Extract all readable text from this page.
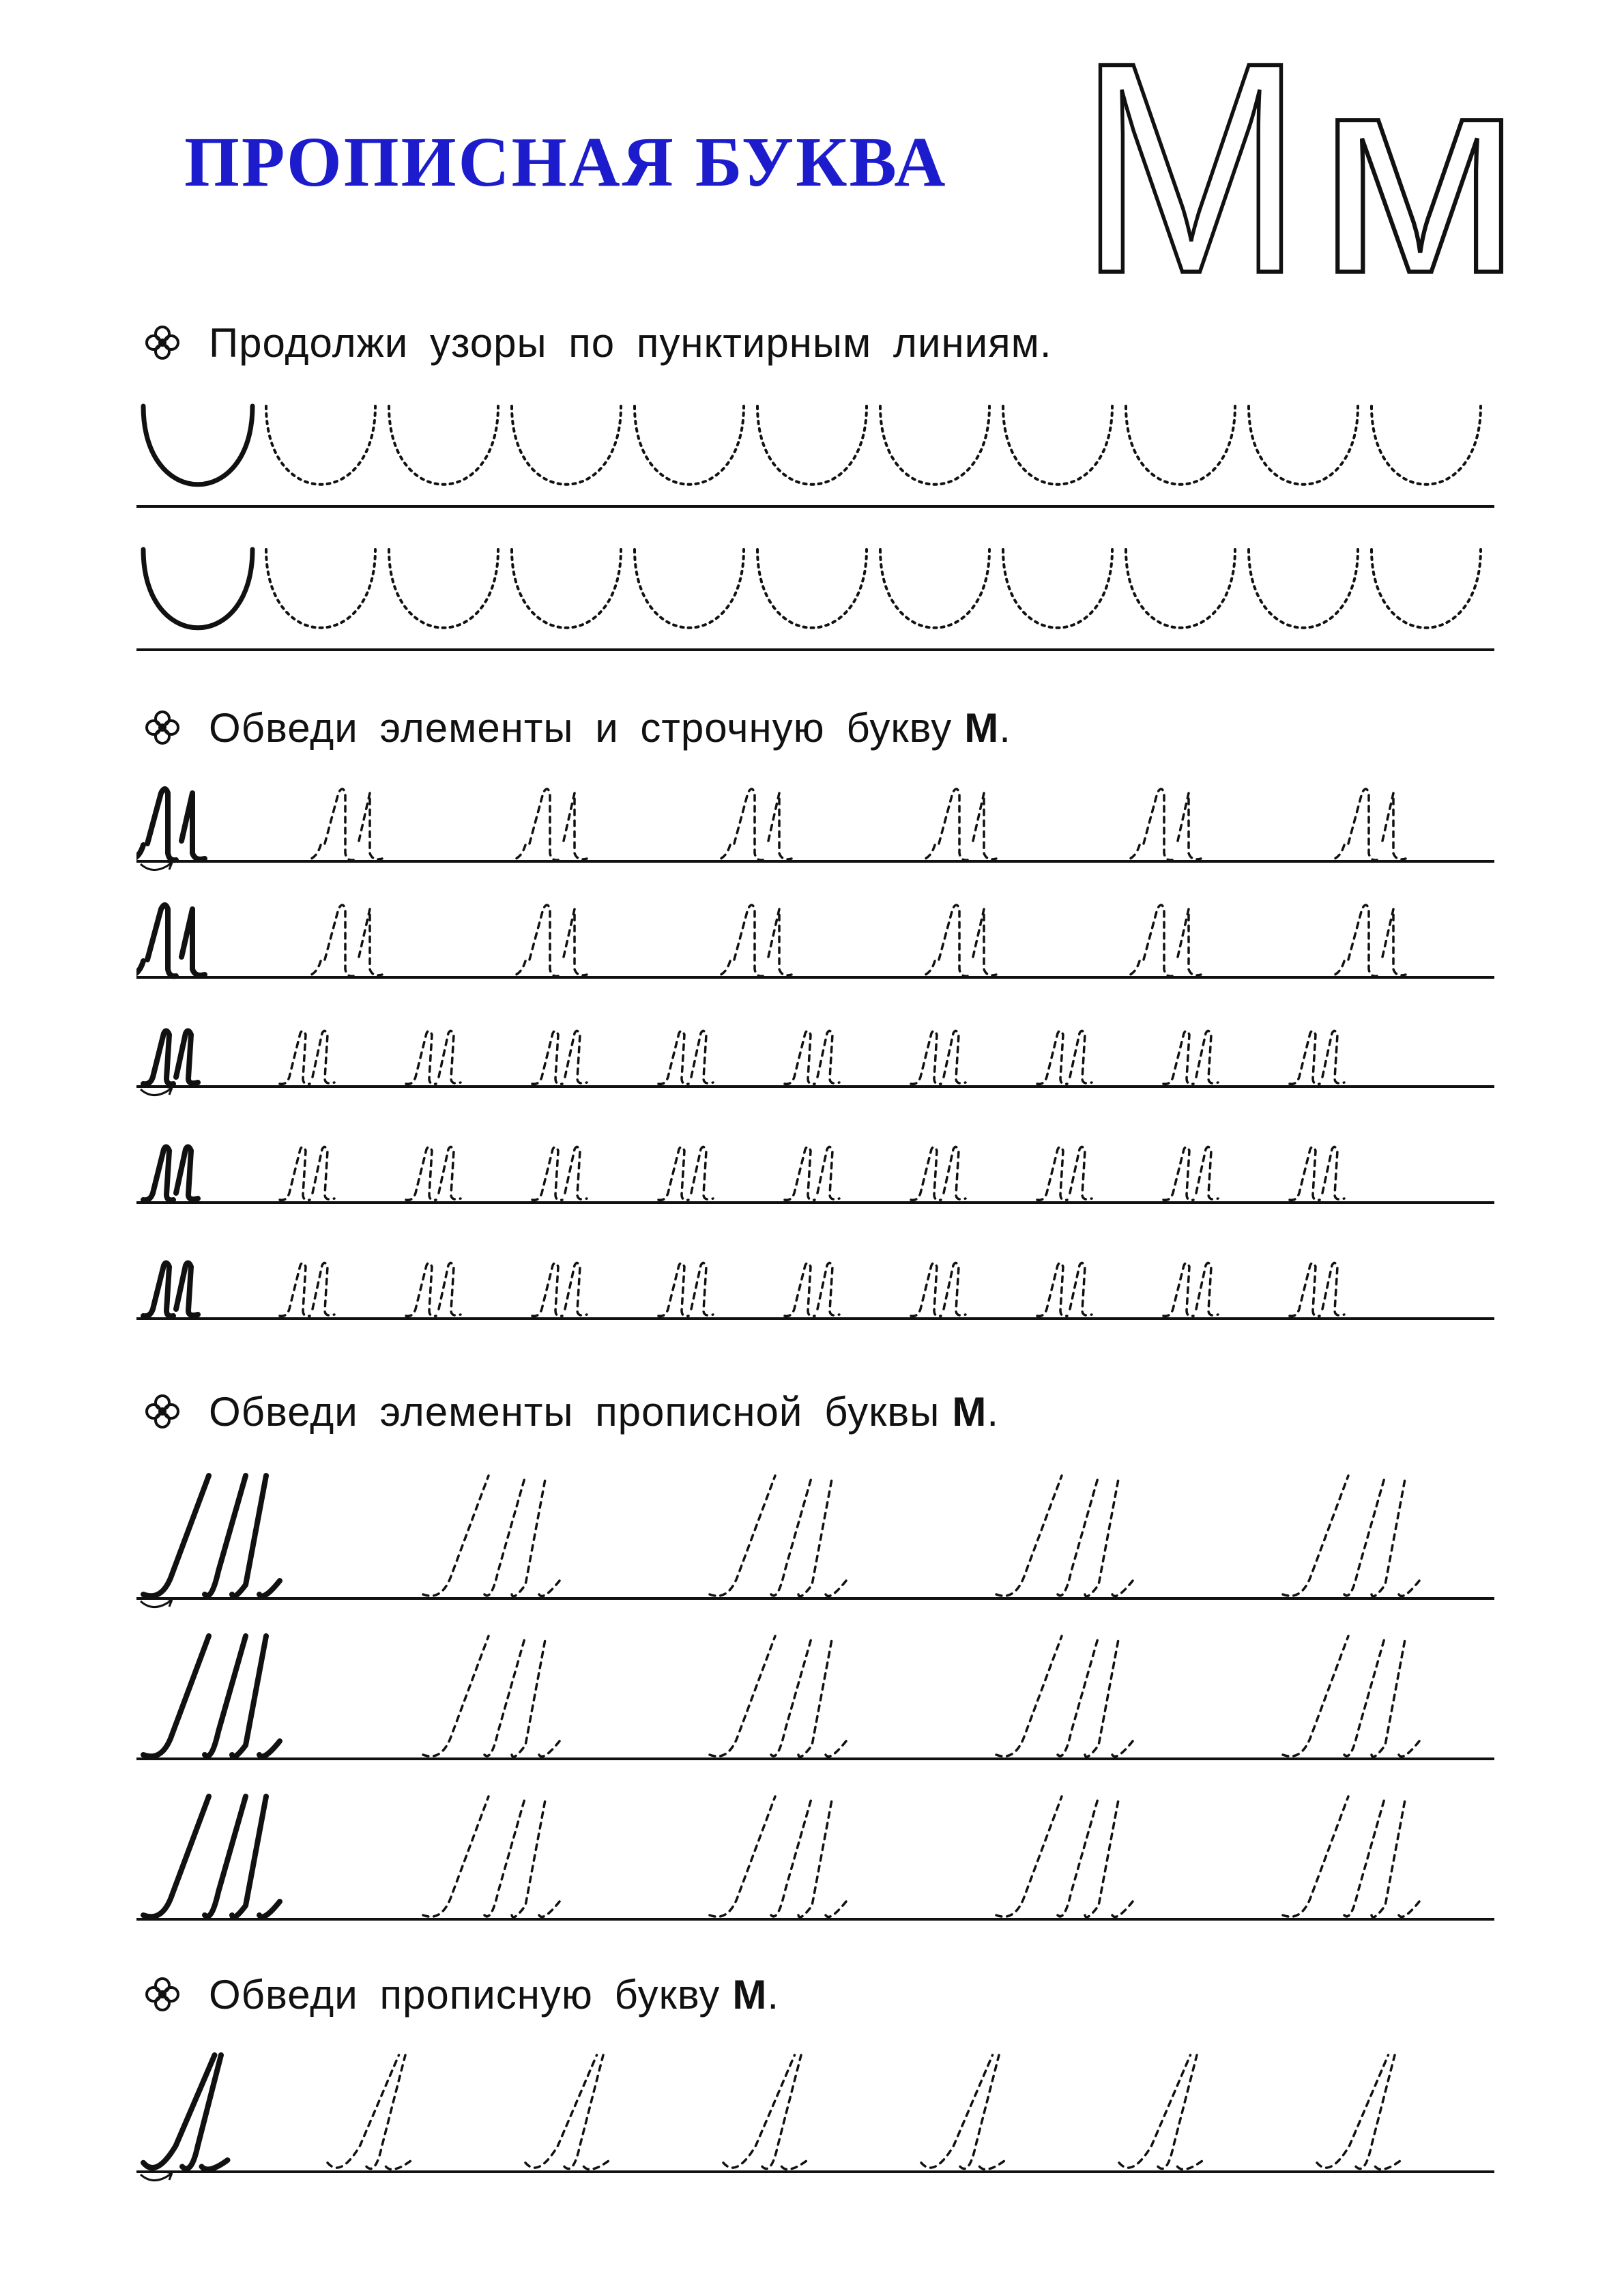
ПРОПИСНАЯ БУКВА М м
Продолжи узоры по пунктирным линиям.
Обведи элементы и строчную букву М .
Обведи элементы прописной буквы М .
Обведи прописную букву М .
